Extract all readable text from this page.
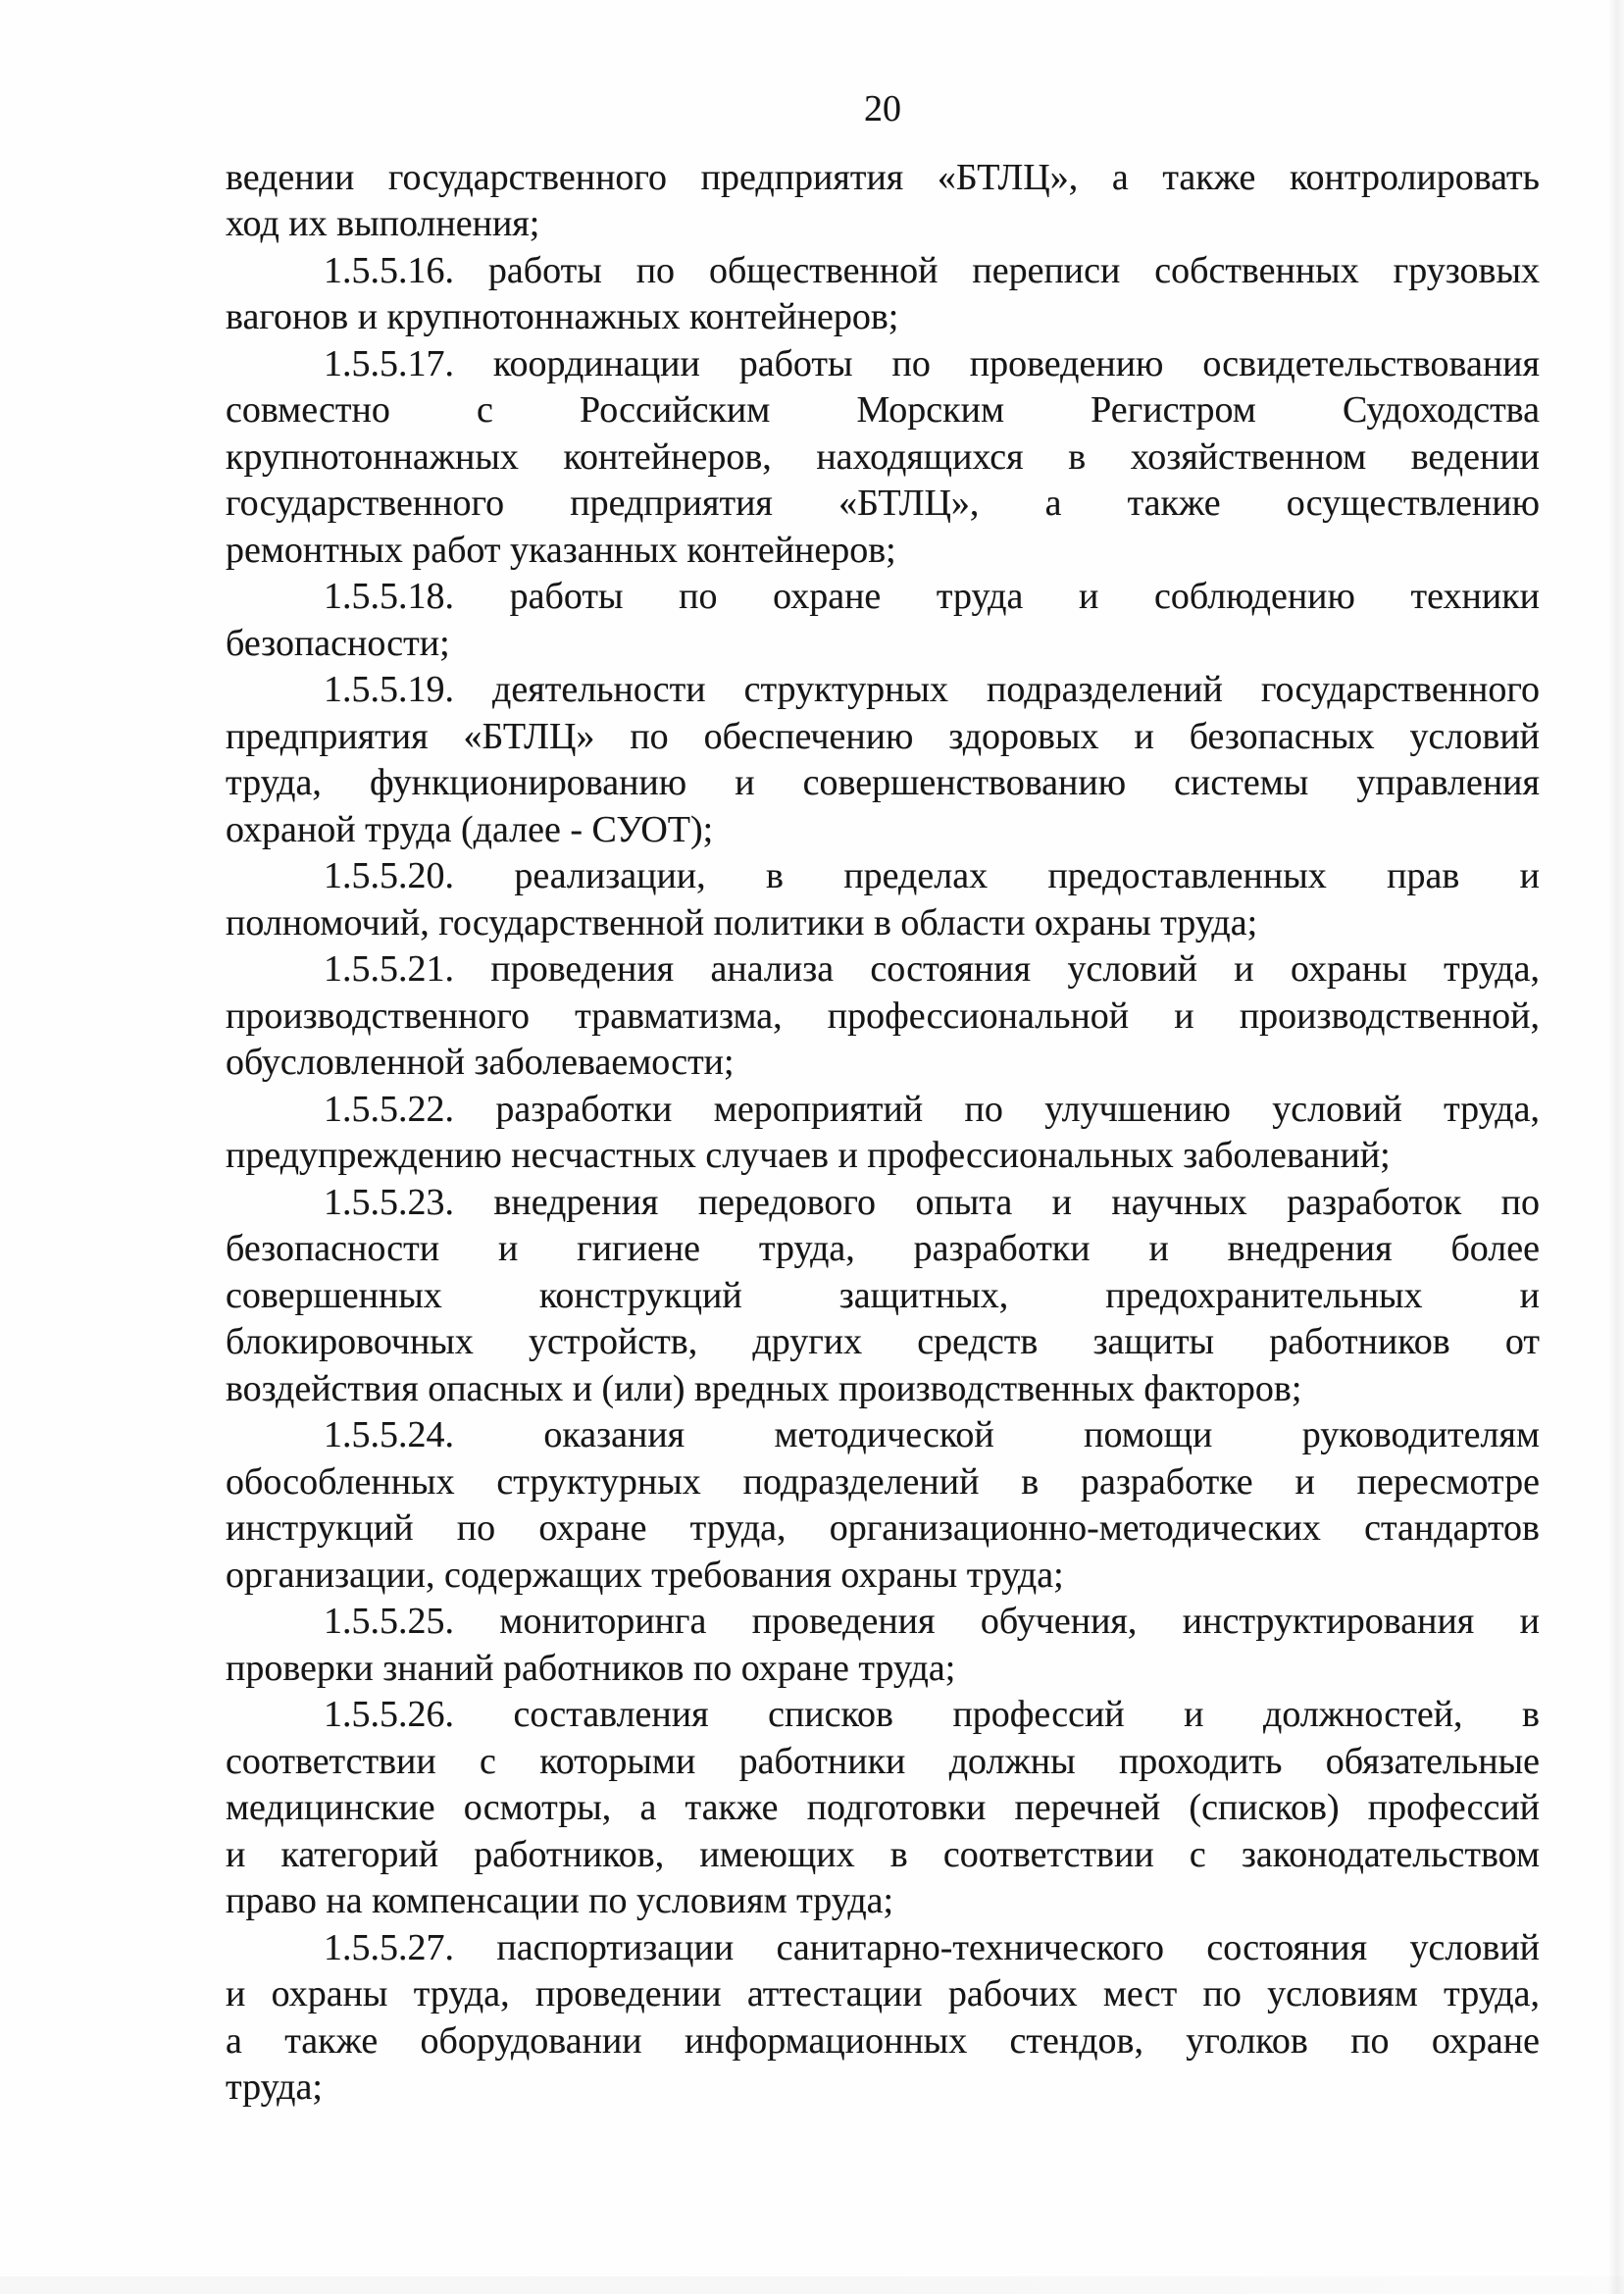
20
ведении государственного предприятия «БТЛЦ», а также контролировать
ход их выполнения;
1.5.5.16. работы по общественной переписи собственных грузовых
вагонов и крупнотоннажных контейнеров;
1.5.5.17. координации работы по проведению освидетельствования
совместно с Российским Морским Регистром Судоходства
крупнотоннажных контейнеров, находящихся в хозяйственном ведении
государственного предприятия «БТЛЦ», а также осуществлению
ремонтных работ указанных контейнеров;
1.5.5.18. работы по охране труда и соблюдению техники
безопасности;
1.5.5.19. деятельности структурных подразделений государственного
предприятия «БТЛЦ» по обеспечению здоровых и безопасных условий
труда, функционированию и совершенствованию системы управления
охраной труда (далее - СУОТ);
1.5.5.20. реализации, в пределах предоставленных прав и
полномочий, государственной политики в области охраны труда;
1.5.5.21. проведения анализа состояния условий и охраны труда,
производственного травматизма, профессиональной и производственной,
обусловленной заболеваемости;
1.5.5.22. разработки мероприятий по улучшению условий труда,
предупреждению несчастных случаев и профессиональных заболеваний;
1.5.5.23. внедрения передового опыта и научных разработок по
безопасности и гигиене труда, разработки и внедрения более
совершенных конструкций защитных, предохранительных и
блокировочных устройств, других средств защиты работников от
воздействия опасных и (или) вредных производственных факторов;
1.5.5.24. оказания методической помощи руководителям
обособленных структурных подразделений в разработке и пересмотре
инструкций по охране труда, организационно-методических стандартов
организации, содержащих требования охраны труда;
1.5.5.25. мониторинга проведения обучения, инструктирования и
проверки знаний работников по охране труда;
1.5.5.26. составления списков профессий и должностей, в
соответствии с которыми работники должны проходить обязательные
медицинские осмотры, а также подготовки перечней (списков) профессий
и категорий работников, имеющих в соответствии с законодательством
право на компенсации по условиям труда;
1.5.5.27. паспортизации санитарно-технического состояния условий
и охраны труда, проведении аттестации рабочих мест по условиям труда,
а также оборудовании информационных стендов, уголков по охране
труда;
